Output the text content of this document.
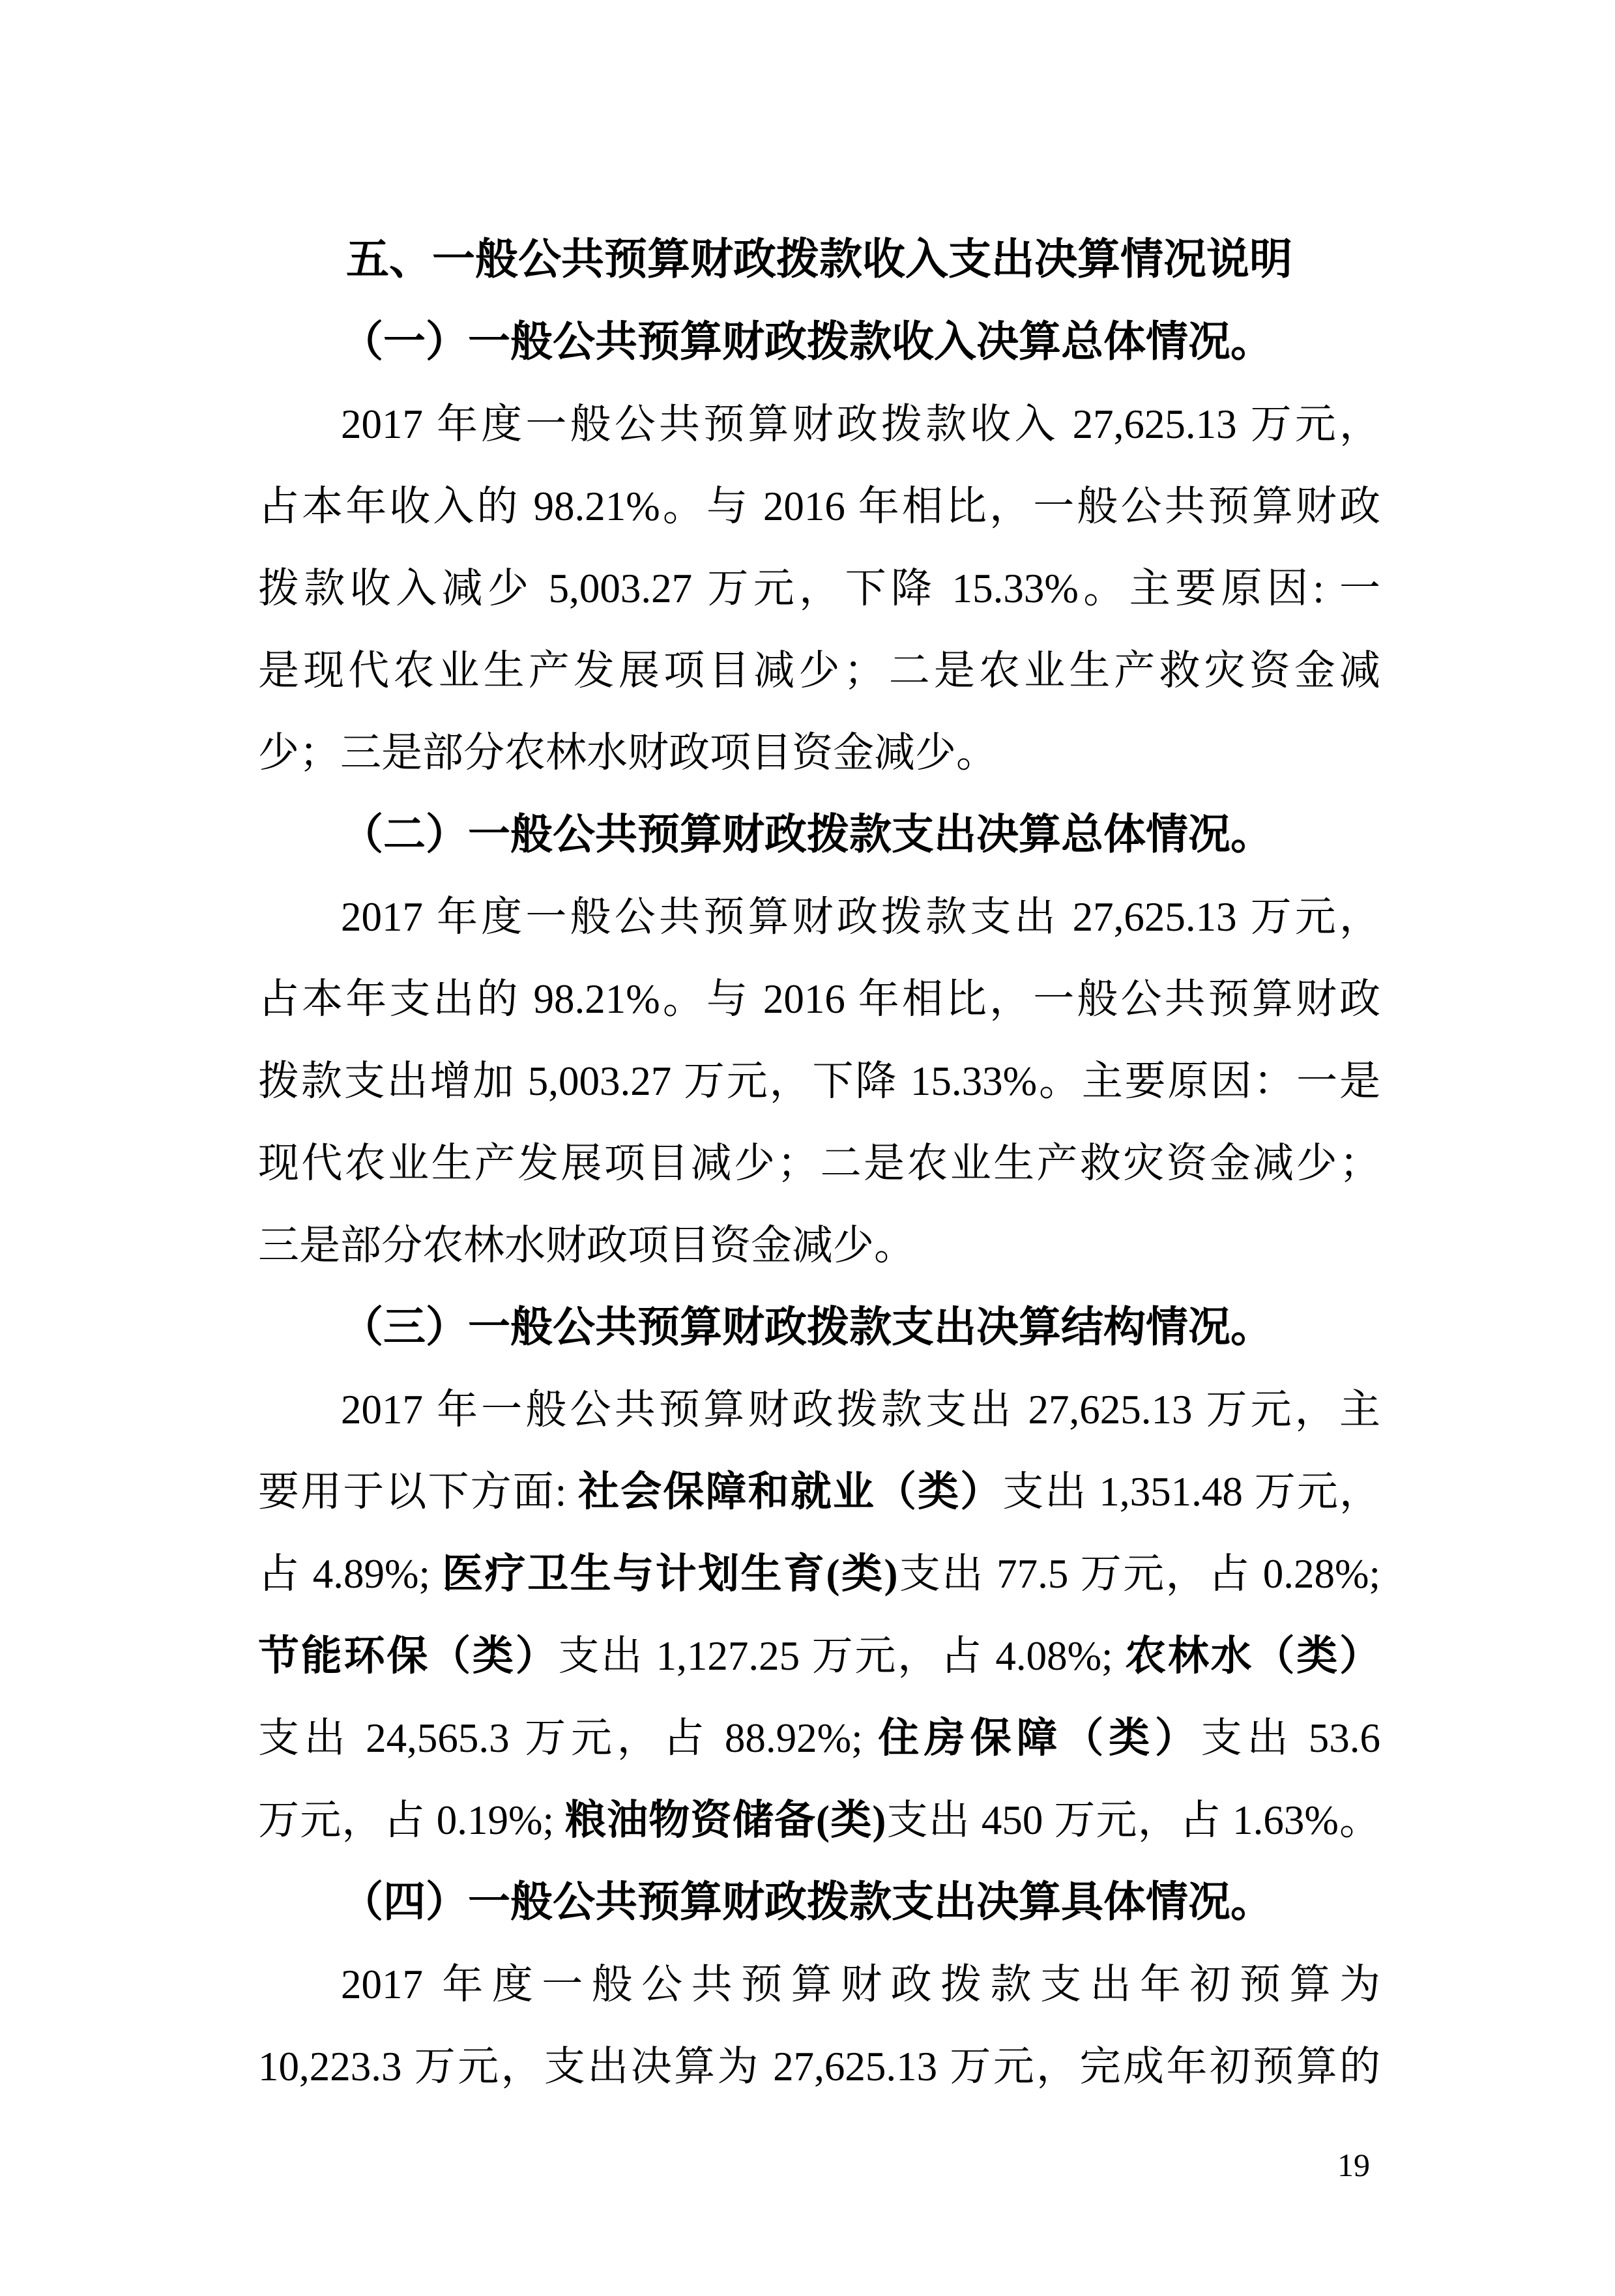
五、一般公共预算财政拨款收入支出决算情况说明
（一）一般公共预算财政拨款收入决算总体情况。
2017 年度一般公共预算财政拨款收入 27,625.13 万元，
占本年收入的 98.21%。与 2016 年相比，一般公共预算财政
拨款收入减少 5,003.27 万元，下降 15.33%。主要原因: 一
是现代农业生产发展项目减少；二是农业生产救灾资金减
少；三是部分农林水财政项目资金减少。
（二）一般公共预算财政拨款支出决算总体情况。
2017 年度一般公共预算财政拨款支出 27,625.13 万元，
占本年支出的 98.21%。与 2016 年相比，一般公共预算财政
拨款支出增加 5,003.27 万元，下降 15.33%。主要原因：一是
现代农业生产发展项目减少；二是农业生产救灾资金减少；
三是部分农林水财政项目资金减少。
（三）一般公共预算财政拨款支出决算结构情况。
2017 年一般公共预算财政拨款支出 27,625.13 万元，主
要用于以下方面: 社会保障和就业（类）支出 1,351.48 万元，
占 4.89%; 医疗卫生与计划生育(类)支出 77.5 万元，占 0.28%;
节能环保（类）支出 1,127.25 万元，占 4.08%; 农林水（类）
支出 24,565.3 万元，占 88.92%; 住房保障（类）支出 53.6
万元，占 0.19%; 粮油物资储备(类)支出 450 万元，占 1.63%。
（四）一般公共预算财政拨款支出决算具体情况。
2017 年度一般公共预算财政拨款支出年初预算为
10,223.3 万元，支出决算为 27,625.13 万元，完成年初预算的
19
